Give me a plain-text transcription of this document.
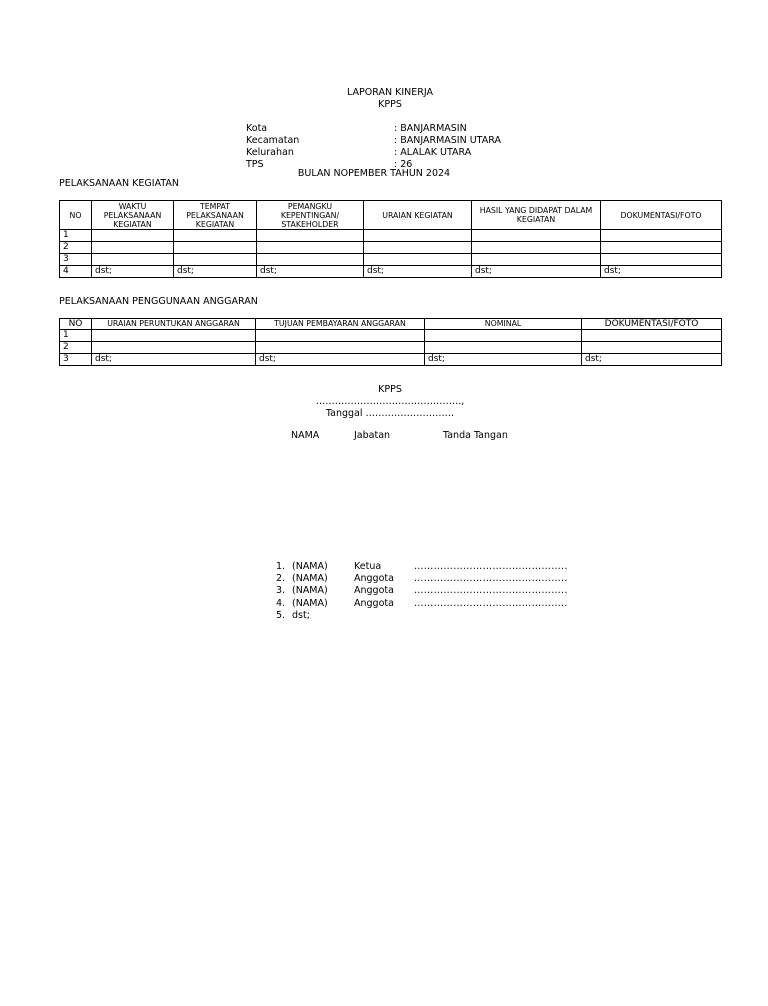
LAPORAN KINERJA
KPPS
Kota	: BANJARMASIN
Kecamatan	: BANJARMASIN UTARA
Kelurahan	: ALALAK UTARA
TPS	: 26
BULAN NOPEMBER TAHUN 2024
PELAKSANAAN KEGIATAN
NO	WAKTU PELAKSANAAN KEGIATAN	TEMPAT PELAKSANAAN KEGIATAN	PEMANGKU KEPENTINGAN/ STAKEHOLDER	URAIAN KEGIATAN	HASIL YANG DIDAPAT DALAM KEGIATAN	DOKUMENTASI/FOTO
1						
2						
3						
4	dst;	dst;	dst;	dst;	dst;	dst;
PELAKSANAAN PENGGUNAAN ANGGARAN
NO	URAIAN PERUNTUKAN ANGGARAN	TUJUAN PEMBAYARAN ANGGARAN	NOMINAL	DOKUMENTASI/FOTO
1				
2				
3	dst;	dst;	dst;	dst;
KPPS
……………………………………….,
Tanggal ……………………….
NAMA	Jabatan	Tanda Tangan
1. (NAMA)	Ketua	………………………………………..
2. (NAMA)	Anggota ………………………………………..
3. (NAMA)	Anggota ………………………………………..
4. (NAMA)	Anggota ………………………………………..
5. dst;
